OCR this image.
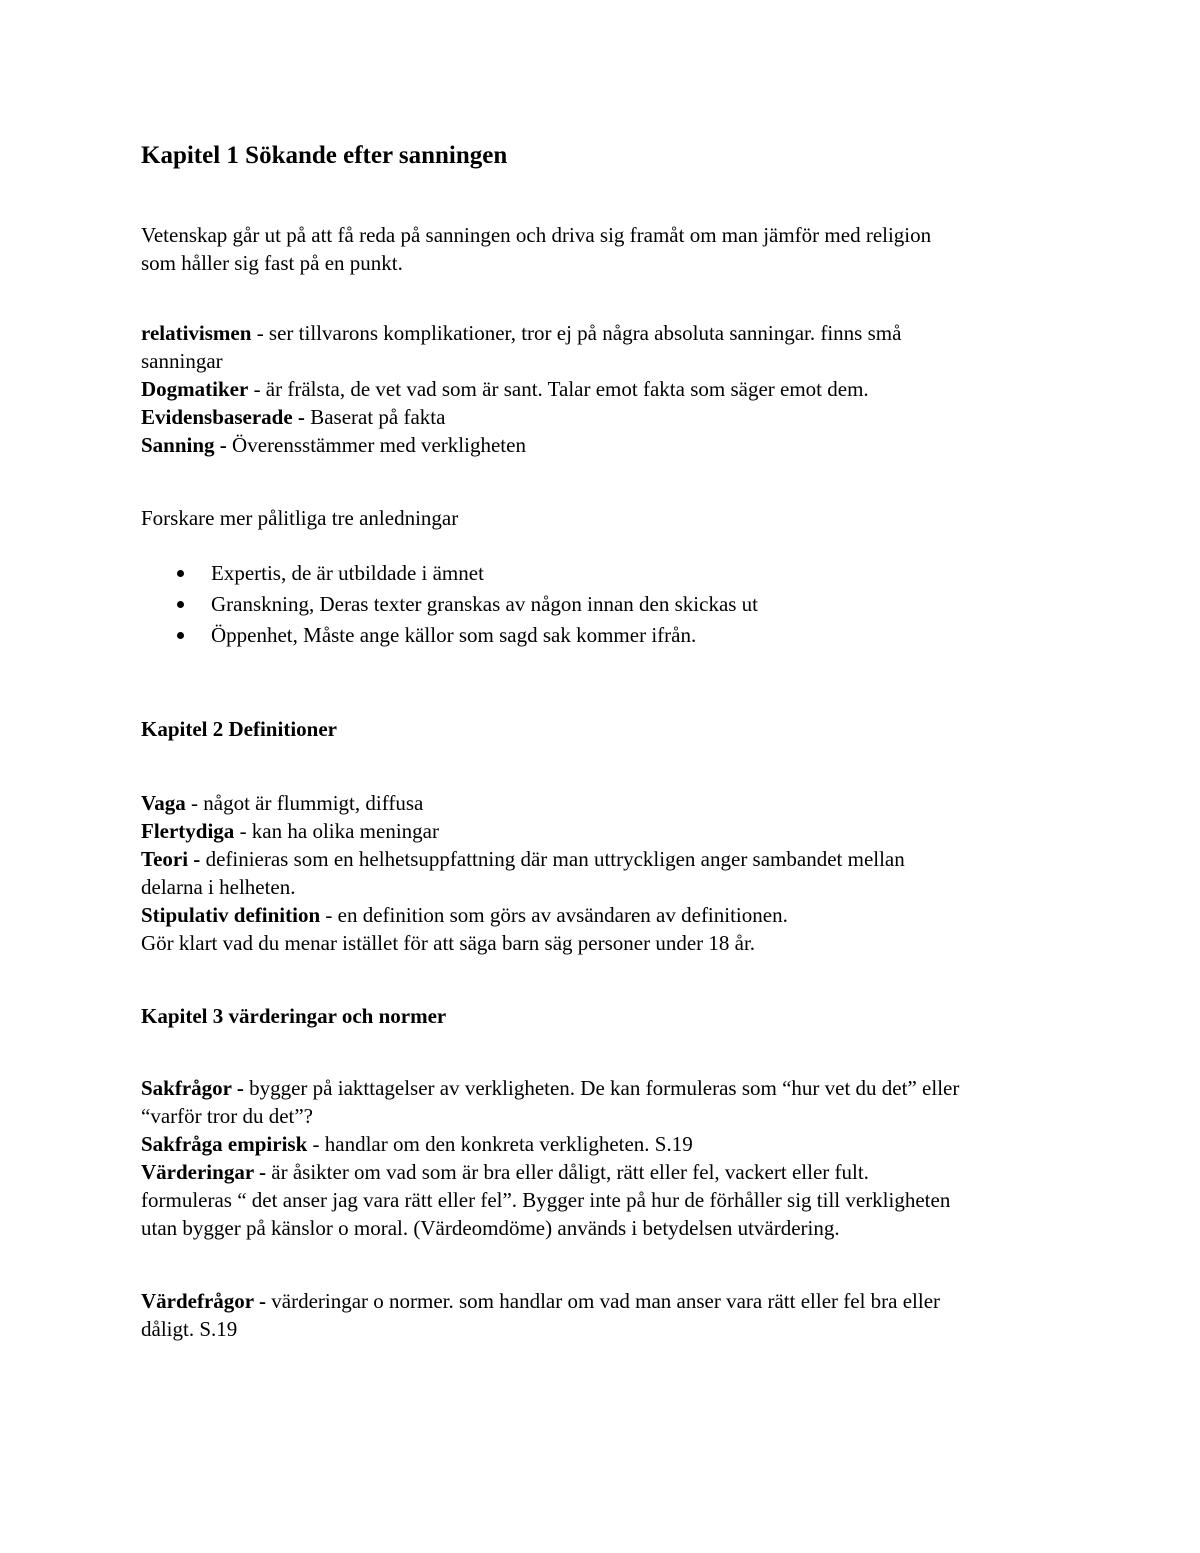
Kapitel 1 Sökande efter sanningen
Vetenskap går ut på att få reda på sanningen och driva sig framåt om man jämför med religion
som håller sig fast på en punkt.
relativismen - ser tillvarons komplikationer, tror ej på några absoluta sanningar. finns små
sanningar
Dogmatiker - är frälsta, de vet vad som är sant. Talar emot fakta som säger emot dem.
Evidensbaserade - Baserat på fakta
Sanning - Överensstämmer med verkligheten
Forskare mer pålitliga tre anledningar
Expertis, de är utbildade i ämnet
Granskning, Deras texter granskas av någon innan den skickas ut
Öppenhet, Måste ange källor som sagd sak kommer ifrån.
Kapitel 2 Definitioner
Vaga - något är flummigt, diffusa
Flertydiga - kan ha olika meningar
Teori - definieras som en helhetsuppfattning där man uttryckligen anger sambandet mellan
delarna i helheten.
Stipulativ definition - en definition som görs av avsändaren av definitionen.
Gör klart vad du menar istället för att säga barn säg personer under 18 år.
Kapitel 3 värderingar och normer
Sakfrågor - bygger på iakttagelser av verkligheten. De kan formuleras som “hur vet du det” eller
“varför tror du det”?
Sakfråga empirisk - handlar om den konkreta verkligheten. S.19
Värderingar - är åsikter om vad som är bra eller dåligt, rätt eller fel, vackert eller fult.
formuleras “ det anser jag vara rätt eller fel”. Bygger inte på hur de förhåller sig till verkligheten
utan bygger på känslor o moral. (Värdeomdöme) används i betydelsen utvärdering.
Värdefrågor - värderingar o normer. som handlar om vad man anser vara rätt eller fel bra eller
dåligt. S.19
